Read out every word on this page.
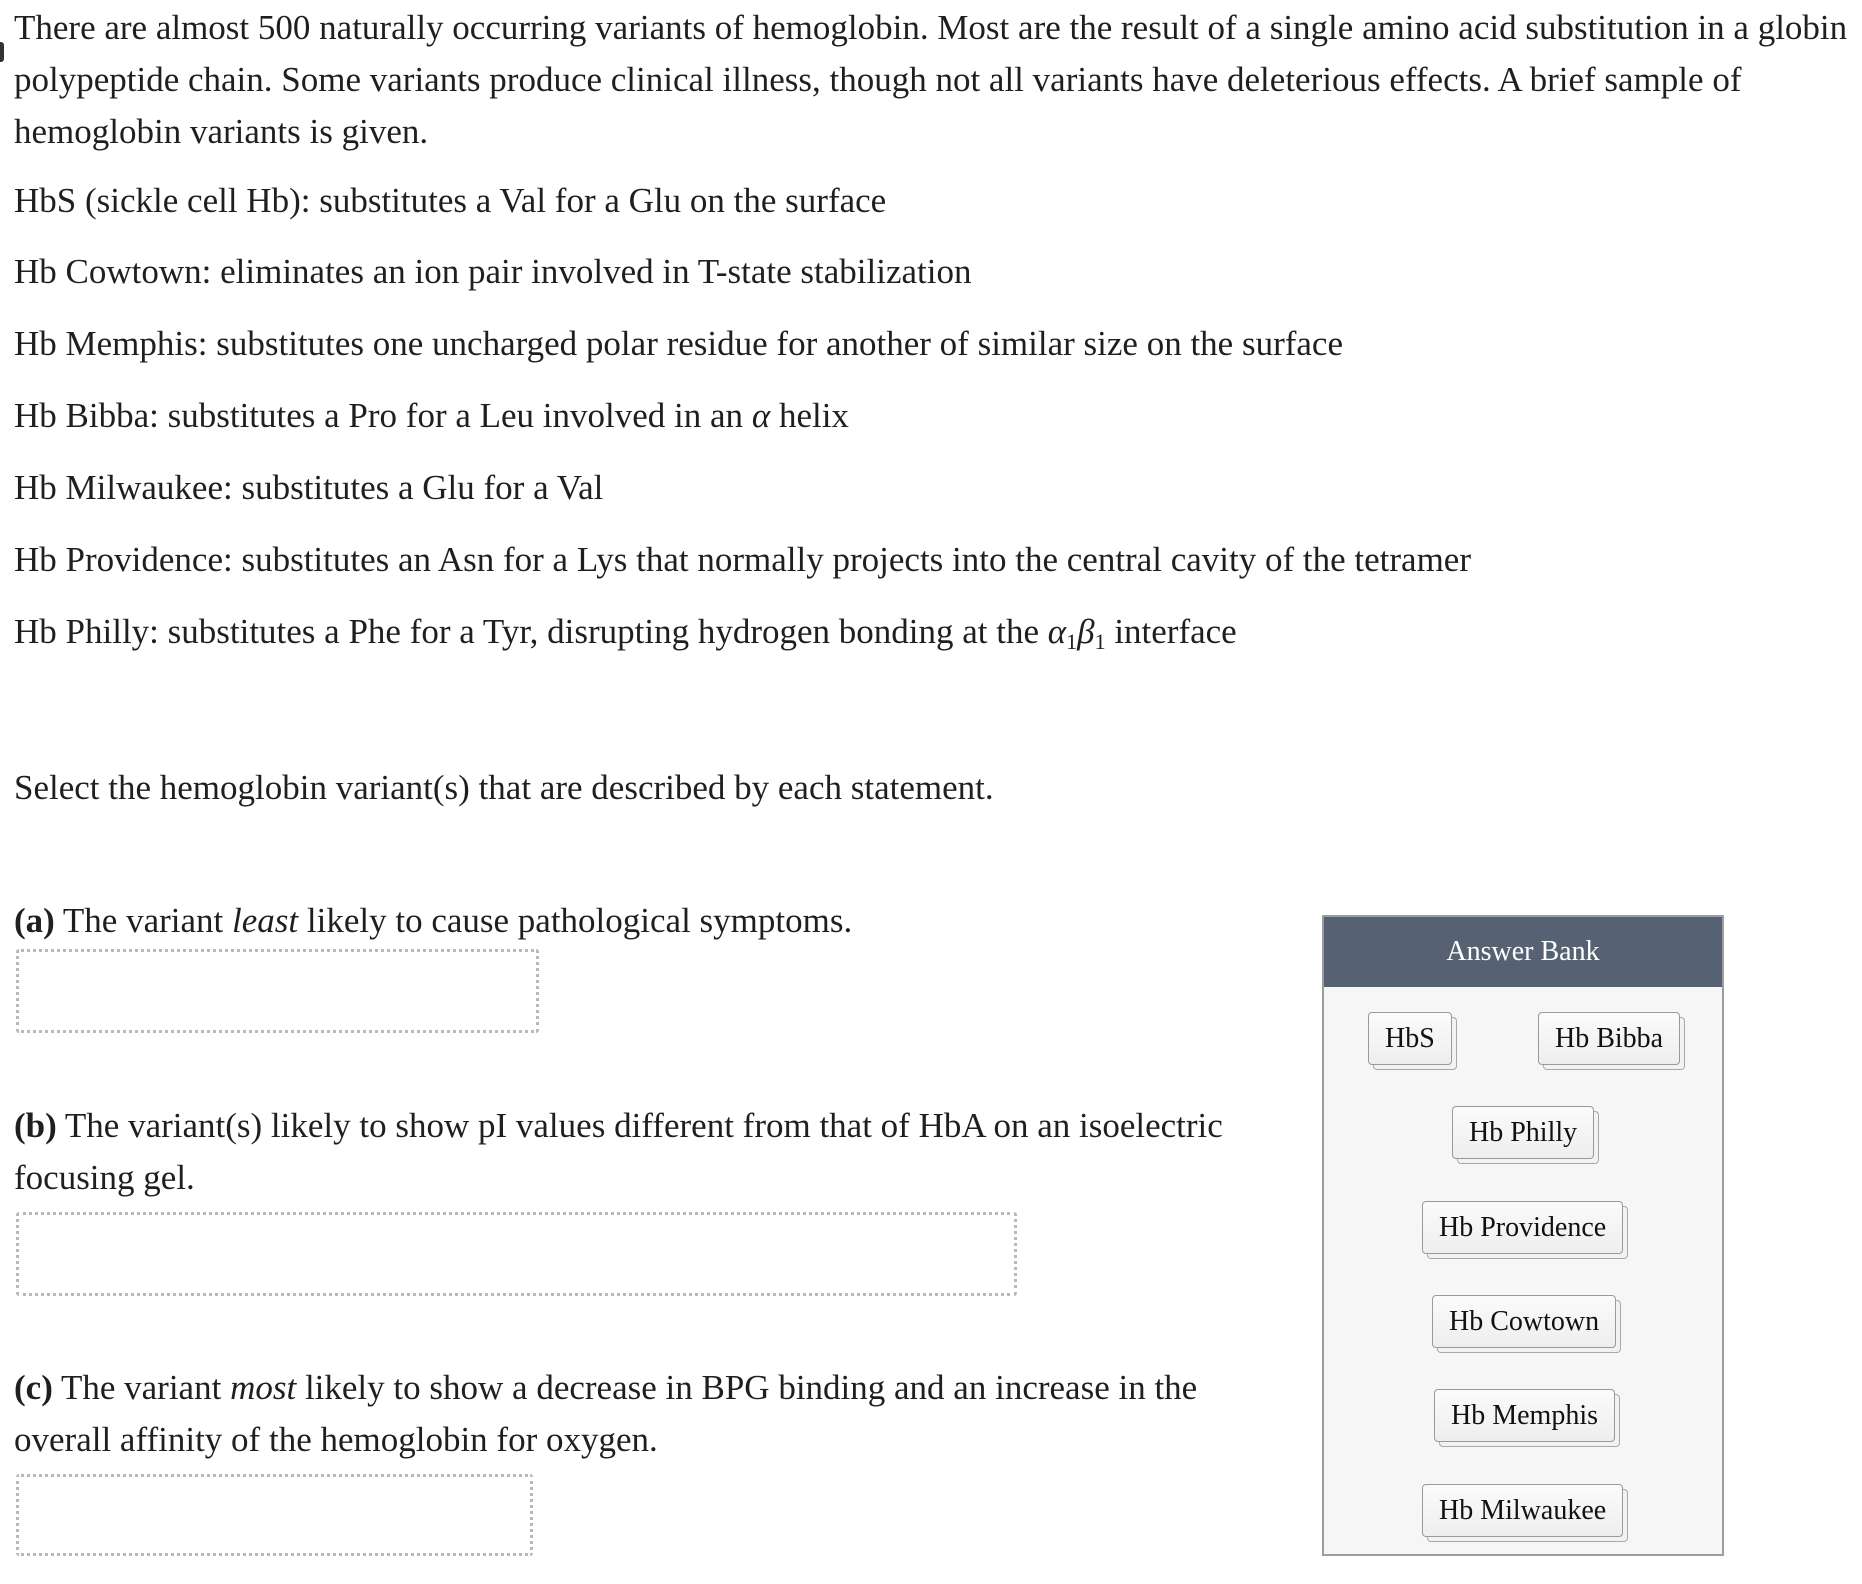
There are almost 500 naturally occurring variants of hemoglobin. Most are the result of a single amino acid substitution in a globin polypeptide chain. Some variants produce clinical illness, though not all variants have deleterious effects. A brief sample of hemoglobin variants is given.

HbS (sickle cell Hb): substitutes a Val for a Glu on the surface
Hb Cowtown: eliminates an ion pair involved in T-state stabilization
Hb Memphis: substitutes one uncharged polar residue for another of similar size on the surface
Hb Bibba: substitutes a Pro for a Leu involved in an α helix
Hb Milwaukee: substitutes a Glu for a Val
Hb Providence: substitutes an Asn for a Lys that normally projects into the central cavity of the tetramer
Hb Philly: substitutes a Phe for a Tyr, disrupting hydrogen bonding at the $\alpha_1\beta_1$ interface
Select the hemoglobin variant(s) that are described by each statement.
(a) The variant least likely to cause pathological symptoms.
(b) The variant(s) likely to show pI values different from that of HbA on an isoelectric focusing gel.
(c) The variant most likely to show a decrease in BPG binding and an increase in the overall affinity of the hemoglobin for oxygen.
Answer Bank
HbS	Hb Bibba
Hb Philly
Hb Providence
Hb Cowtown
Hb Memphis
Hb Milwaukee
